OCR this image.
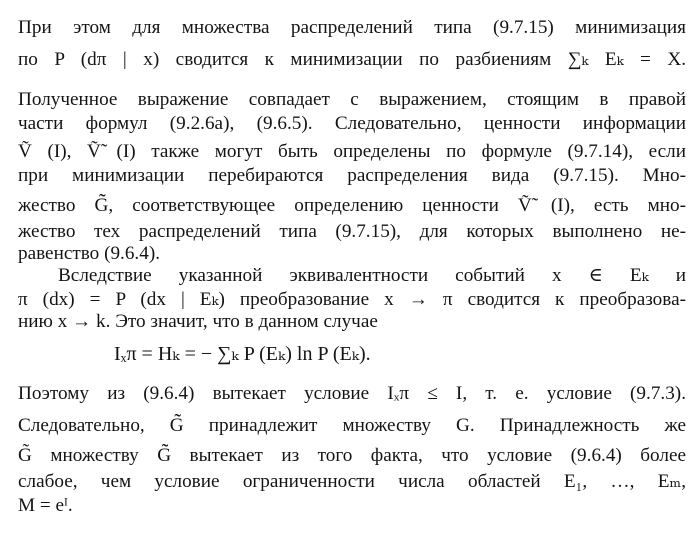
При этом для множества распределений типа (9.7.15) минимизация
по P (dπ | x) сводится к минимизации по разбиениям ∑ₖ Eₖ = X.
Полученное выражение совпадает с выражением, стоящим в правой
части формул (9.2.6а), (9.6.5). Следовательно, ценности информации
Ṽ (I), Ṽ̃ (I) также могут быть определены по формуле (9.7.14), если
при минимизации перебираются распределения вида (9.7.15). Мно-
жество G̃̃, соответствующее определению ценности Ṽ̃ (I), есть мно-
жество тех распределений типа (9.7.15), для которых выполнено не-
равенство (9.6.4).
Вследствие указанной эквивалентности событий x ∈ Eₖ и
π (dx) = P (dx | Eₖ) преобразование x → π сводится к преобразова-
нию x → k. Это значит, что в данном случае
Iₓπ = Hₖ = − ∑ₖ P (Eₖ) ln P (Eₖ).
Поэтому из (9.6.4) вытекает условие Iₓπ ≤ I, т. е. условие (9.7.3).
Следовательно, G̃̃ принадлежит множеству G. Принадлежность же
G̃ множеству G̃̃ вытекает из того факта, что условие (9.6.4) более
слабое, чем условие ограниченности числа областей E₁, …, Eₘ,
M = eᴵ.
